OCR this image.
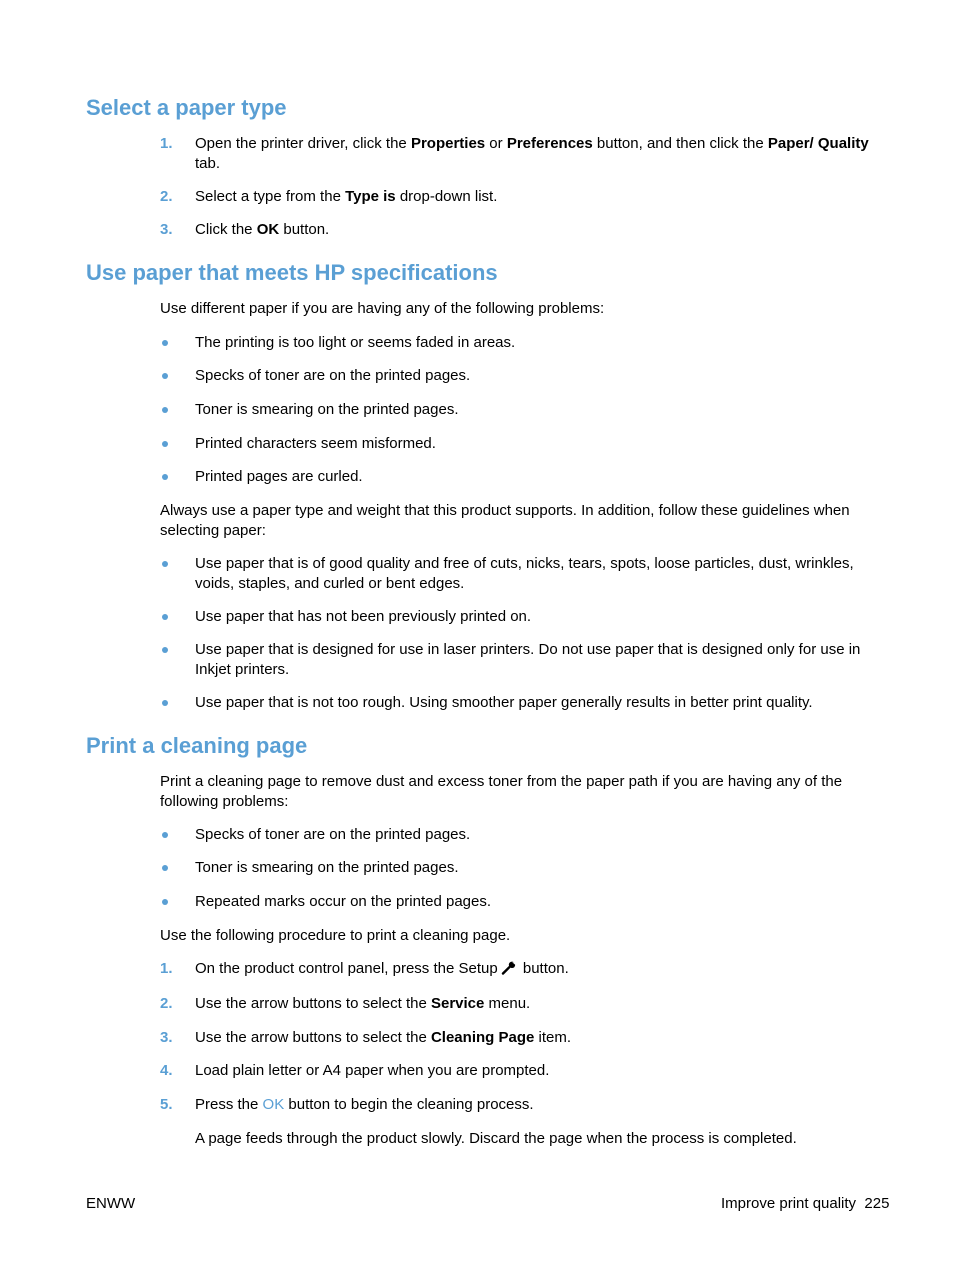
Select a paper type
1. Open the printer driver, click the Properties or Preferences button, and then click the Paper/ Quality tab.
2. Select a type from the Type is drop-down list.
3. Click the OK button.
Use paper that meets HP specifications

Use different paper if you are having any of the following problems:

The printing is too light or seems faded in areas.
Specks of toner are on the printed pages.
Toner is smearing on the printed pages.
Printed characters seem misformed.
Printed pages are curled.

Always use a paper type and weight that this product supports. In addition, follow these guidelines when selecting paper:

Use paper that is of good quality and free of cuts, nicks, tears, spots, loose particles, dust, wrinkles, voids, staples, and curled or bent edges.
Use paper that has not been previously printed on.
Use paper that is designed for use in laser printers. Do not use paper that is designed only for use in Inkjet printers.
Use paper that is not too rough. Using smoother paper generally results in better print quality.
Print a cleaning page

Print a cleaning page to remove dust and excess toner from the paper path if you are having any of the following problems:

Specks of toner are on the printed pages.
Toner is smearing on the printed pages.
Repeated marks occur on the printed pages.

Use the following procedure to print a cleaning page.

1. On the product control panel, press the Setup button.
2. Use the arrow buttons to select the Service menu.
3. Use the arrow buttons to select the Cleaning Page item.
4. Load plain letter or A4 paper when you are prompted.
5. Press the OK button to begin the cleaning process.

A page feeds through the product slowly. Discard the page when the process is completed.

ENWW	Improve print quality 225
